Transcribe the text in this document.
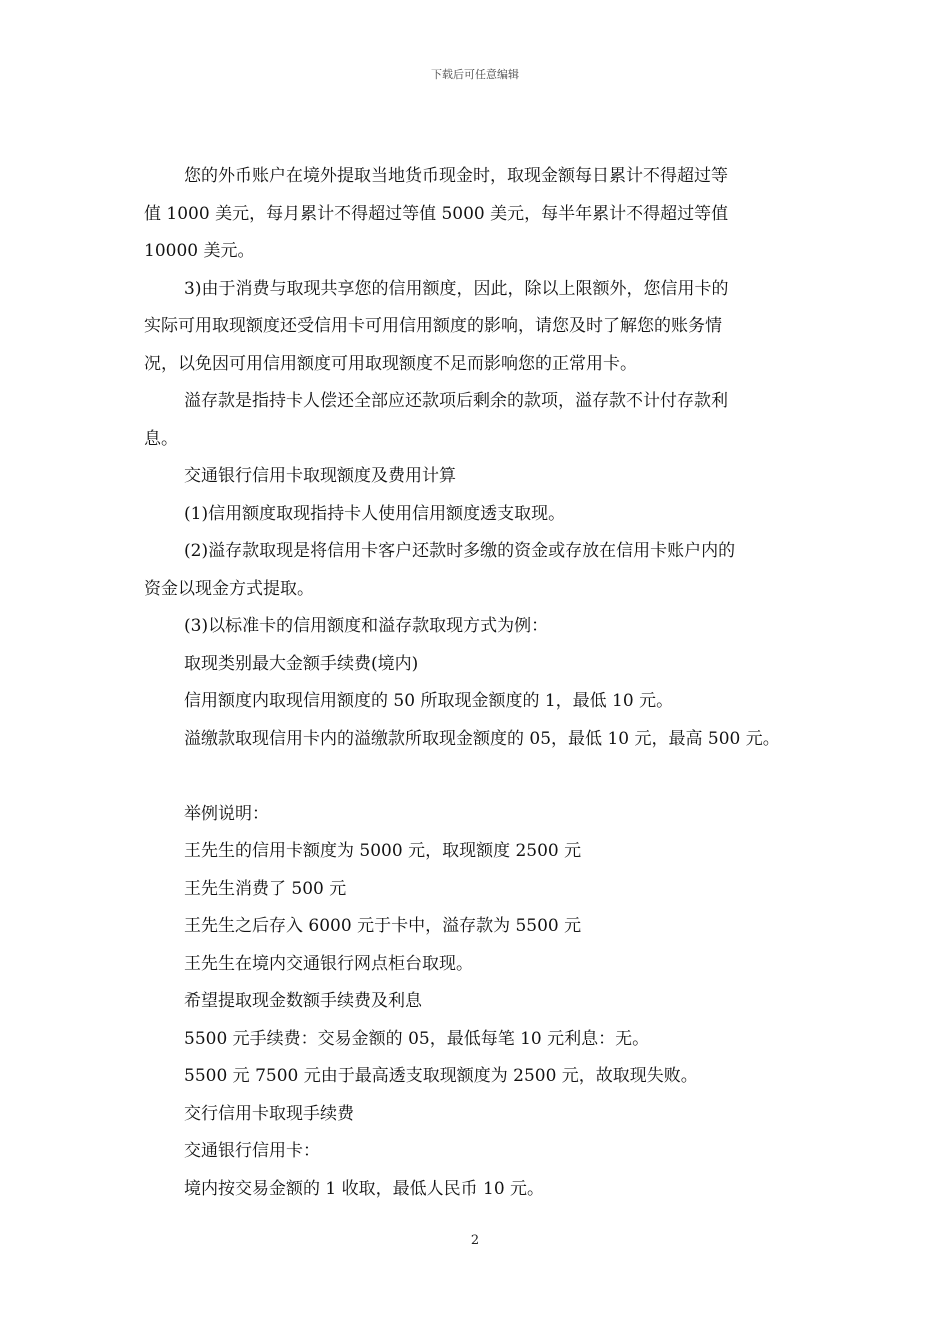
下载后可任意编辑
您的外币账户在境外提取当地货币现金时，取现金额每日累计不得超过等
值 1000 美元，每月累计不得超过等值 5000 美元，每半年累计不得超过等值
10000 美元。
3)由于消费与取现共享您的信用额度，因此，除以上限额外，您信用卡的
实际可用取现额度还受信用卡可用信用额度的影响，请您及时了解您的账务情
况，以免因可用信用额度可用取现额度不足而影响您的正常用卡。
溢存款是指持卡人偿还全部应还款项后剩余的款项，溢存款不计付存款利
息。
交通银行信用卡取现额度及费用计算
(1)信用额度取现指持卡人使用信用额度透支取现。
(2)溢存款取现是将信用卡客户还款时多缴的资金或存放在信用卡账户内的
资金以现金方式提取。
(3)以标准卡的信用额度和溢存款取现方式为例：
取现类别最大金额手续费(境内)
信用额度内取现信用额度的 50 所取现金额度的 1，最低 10 元。
溢缴款取现信用卡内的溢缴款所取现金额度的 05，最低 10 元，最高 500 元。
举例说明：
王先生的信用卡额度为 5000 元，取现额度 2500 元
王先生消费了 500 元
王先生之后存入 6000 元于卡中，溢存款为 5500 元
王先生在境内交通银行网点柜台取现。
希望提取现金数额手续费及利息
5500 元手续费：交易金额的 05，最低每笔 10 元利息：无。
5500 元 7500 元由于最高透支取现额度为 2500 元，故取现失败。
交行信用卡取现手续费
交通银行信用卡：
境内按交易金额的 1 收取，最低人民币 10 元。
2
